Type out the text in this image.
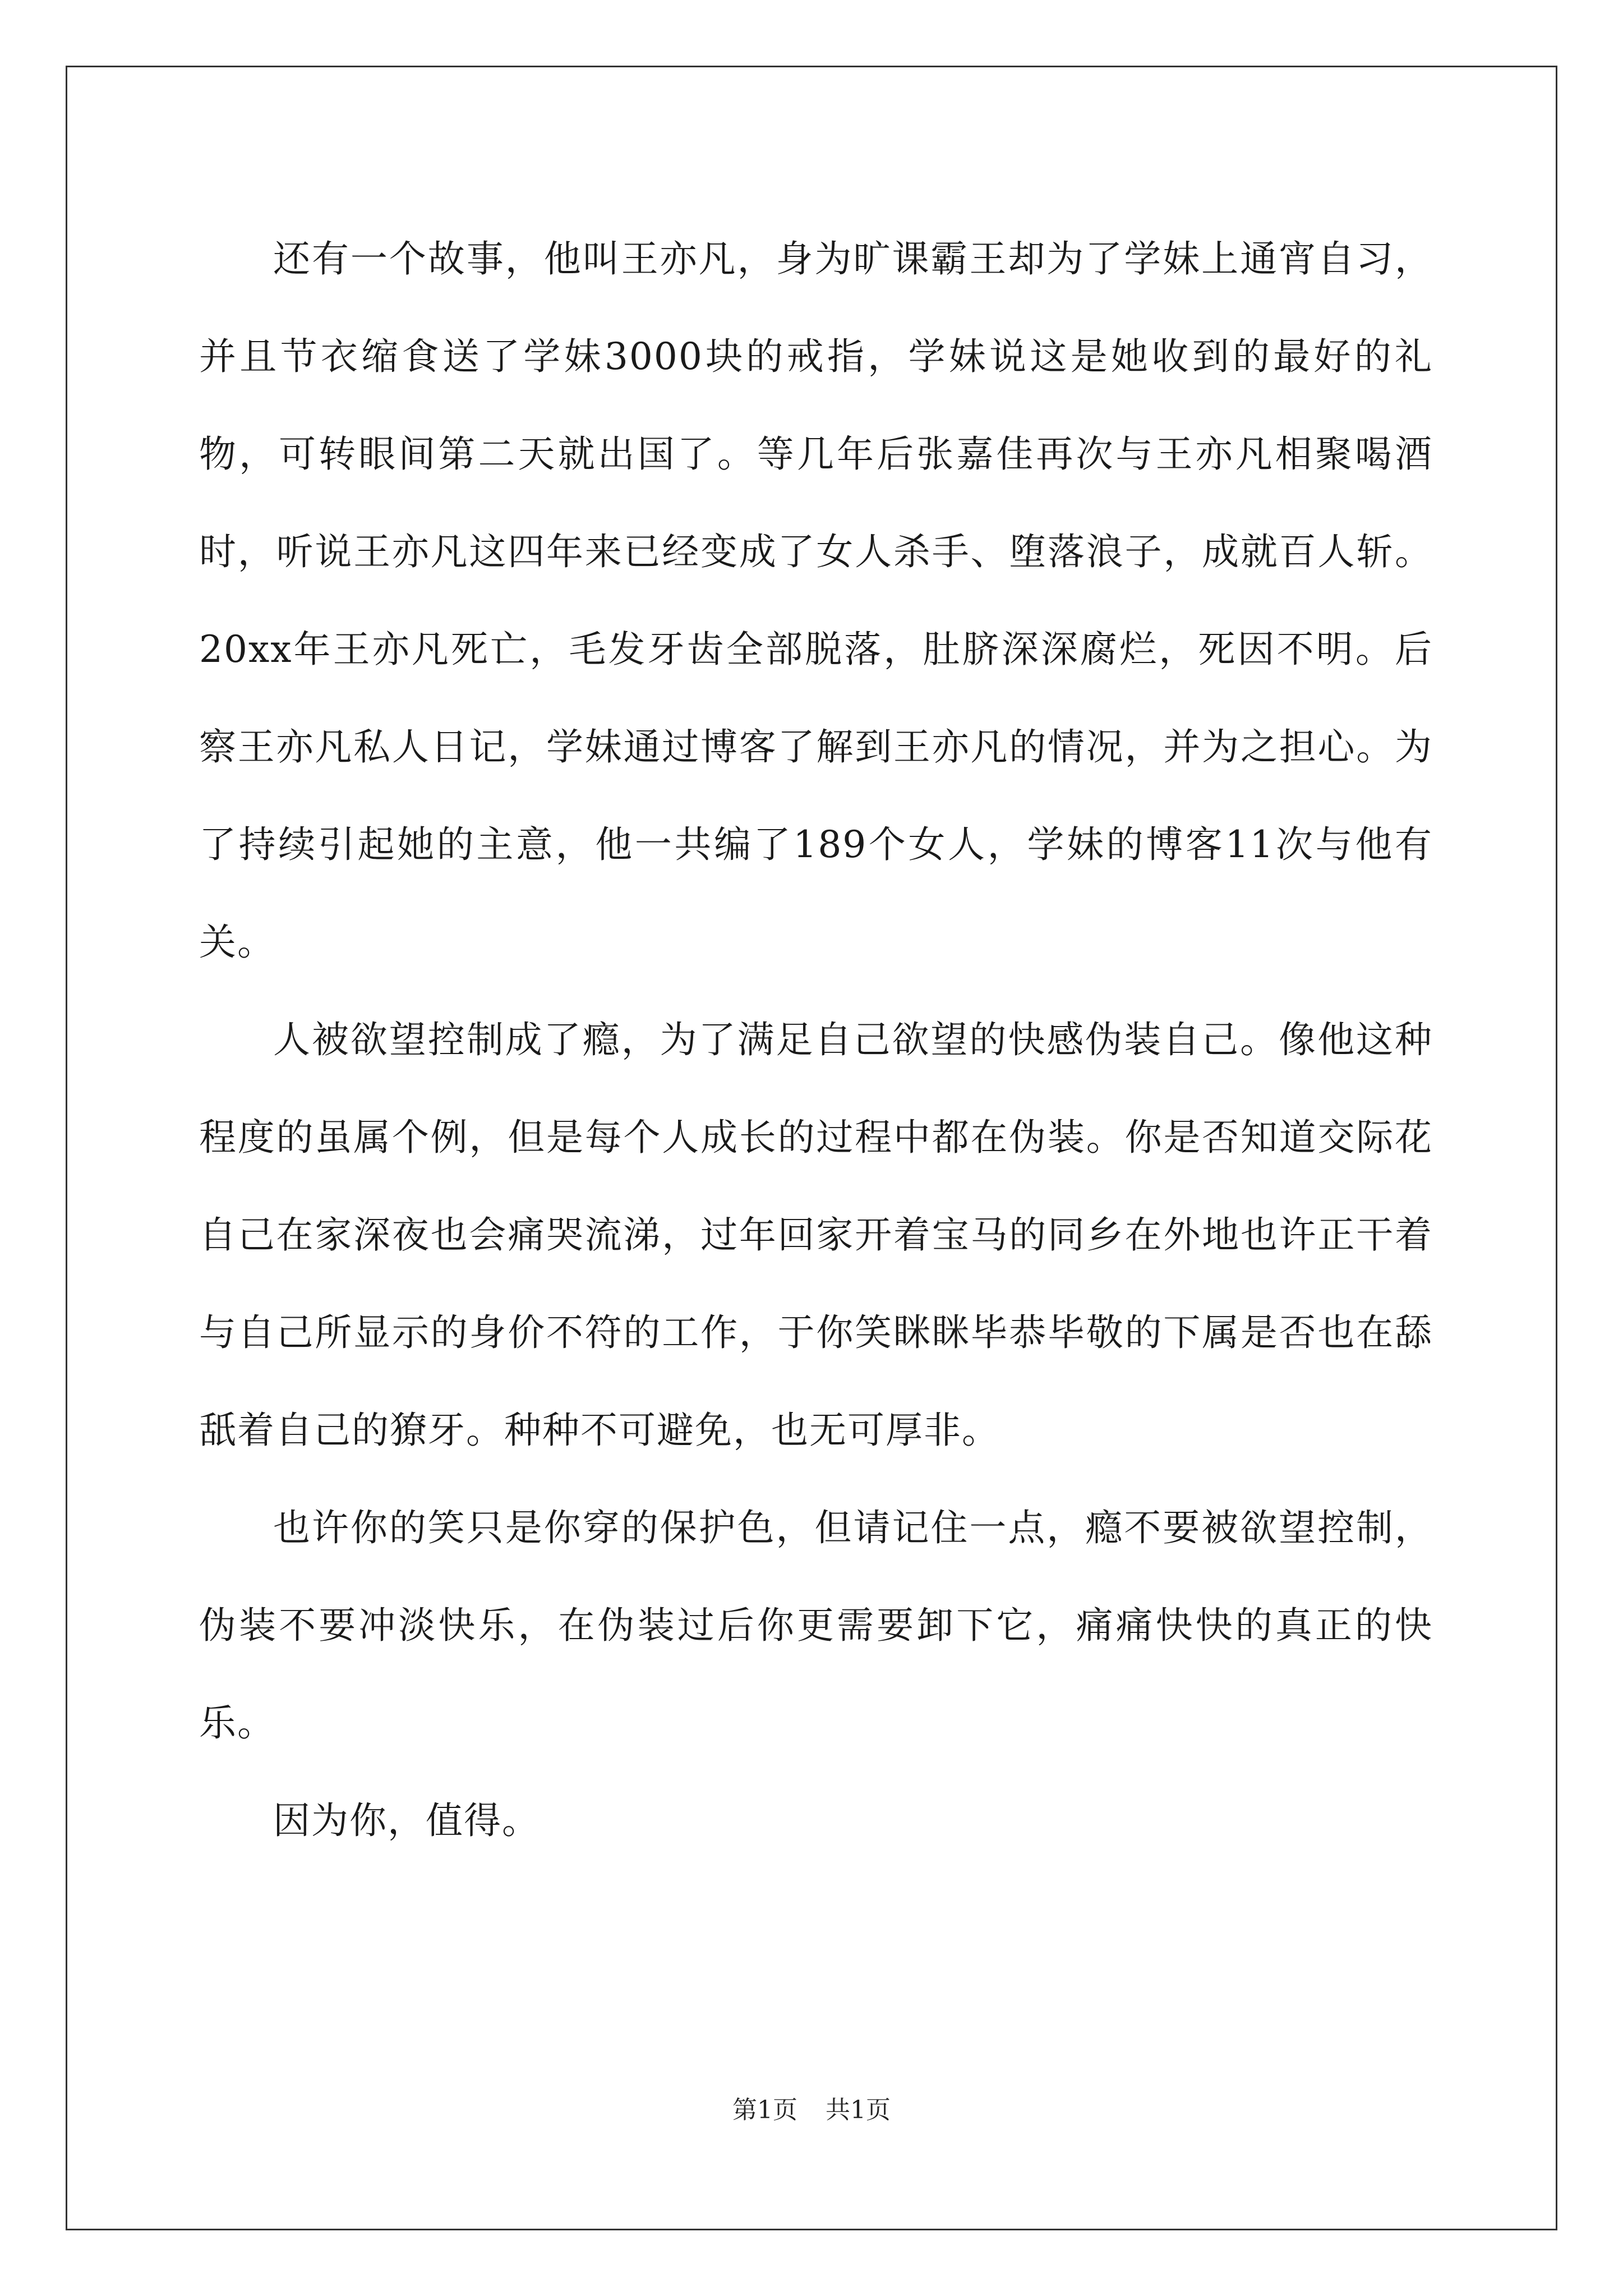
还有一个故事，他叫王亦凡，身为旷课霸王却为了学妹上通宵自习，并且节衣缩食送了学妹3000块的戒指，学妹说这是她收到的最好的礼物，可转眼间第二天就出国了。等几年后张嘉佳再次与王亦凡相聚喝酒时，听说王亦凡这四年来已经变成了女人杀手、堕落浪子，成就百人斩。20xx年王亦凡死亡，毛发牙齿全部脱落，肚脐深深腐烂，死因不明。后察王亦凡私人日记，学妹通过博客了解到王亦凡的情况，并为之担心。为了持续引起她的主意，他一共编了189个女人，学妹的博客11次与他有关。

人被欲望控制成了瘾，为了满足自己欲望的快感伪装自己。像他这种程度的虽属个例，但是每个人成长的过程中都在伪装。你是否知道交际花自己在家深夜也会痛哭流涕，过年回家开着宝马的同乡在外地也许正干着与自己所显示的身价不符的工作，于你笑眯眯毕恭毕敬的下属是否也在舔舐着自己的獠牙。种种不可避免，也无可厚非。

也许你的笑只是你穿的保护色，但请记住一点，瘾不要被欲望控制，伪装不要冲淡快乐，在伪装过后你更需要卸下它，痛痛快快的真正的快乐。

因为你，值得。

第1页 共1页
